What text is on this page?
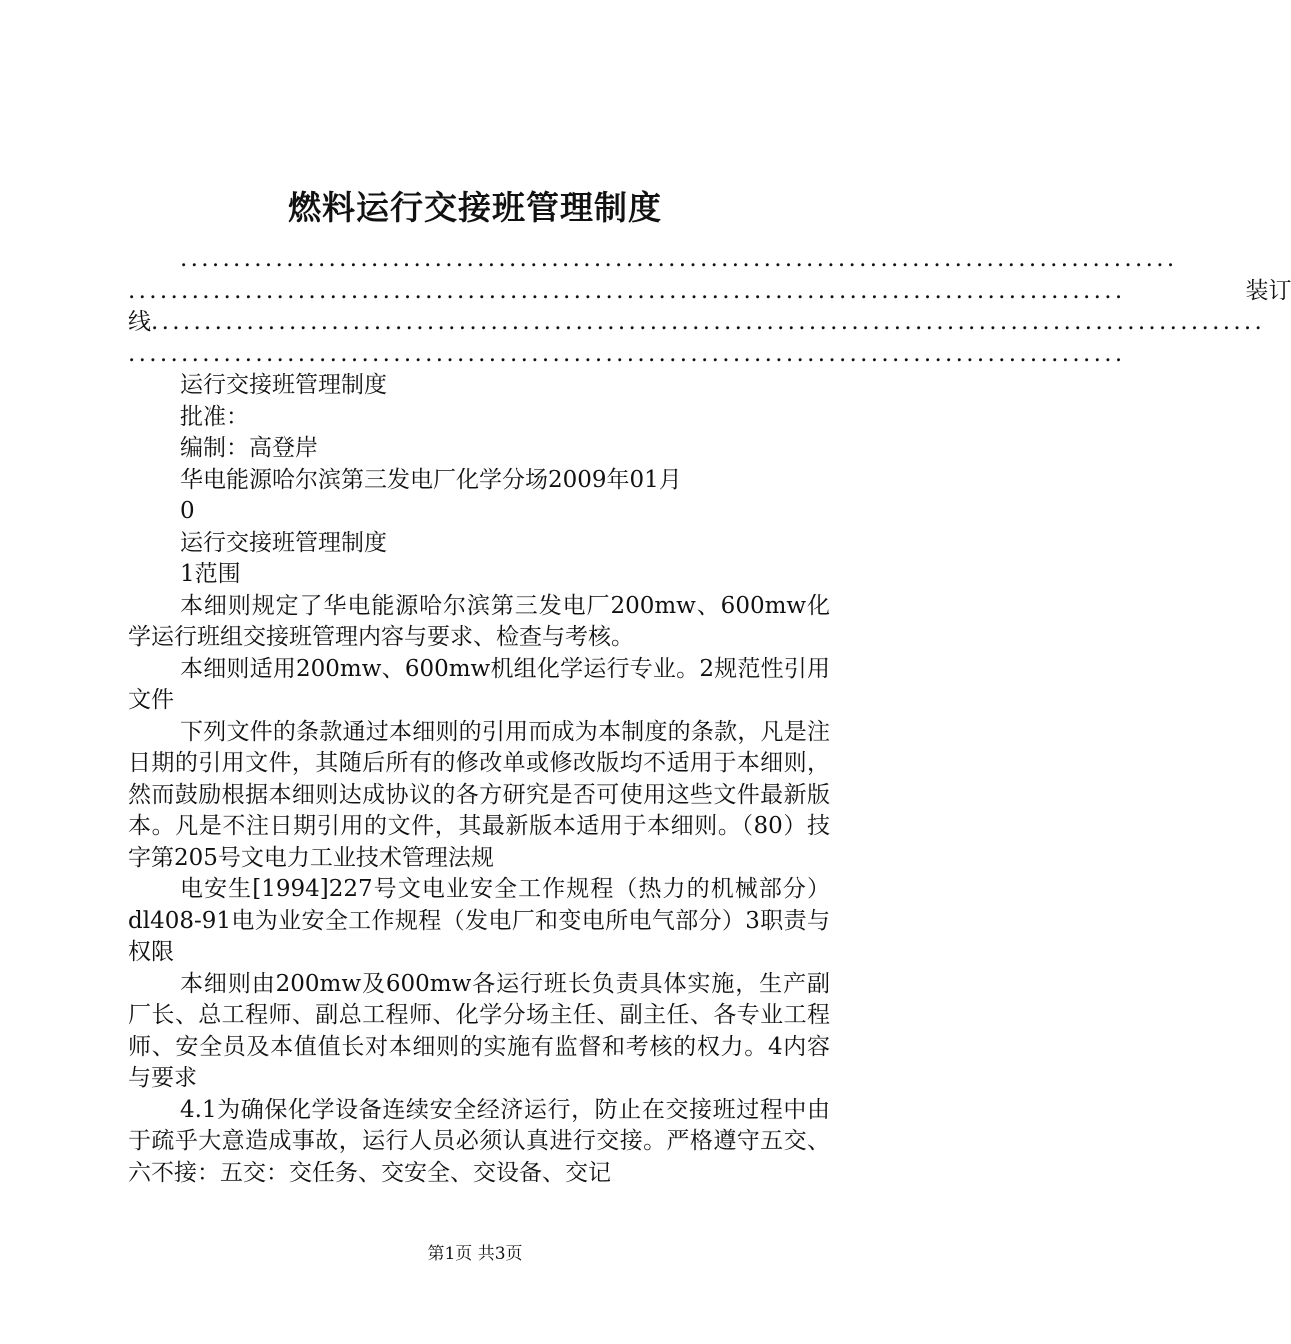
燃料运行交接班管理制度
..............................................................................................
..............................................................................................	装 订
线 .........................................................................................................
..............................................................................................

运行交接班管理制度

批准：

编制：高登岸

华电能源哈尔滨第三发电厂化学分场2009年01月

0

运行交接班管理制度

1范围

本细则规定了华电能源哈尔滨第三发电厂200mw、600mw化学运行班组交接班管理内容与要求、检查与考核。

本细则适用200mw、600mw机组化学运行专业。2规范性引用文件

下列文件的条款通过本细则的引用而成为本制度的条款，凡是注日期的引用文件，其随后所有的修改单或修改版均不适用于本细则，然而鼓励根据本细则达成协议的各方研究是否可使用这些文件最新版本。凡是不注日期引用的文件，其最新版本适用于本细则。（80）技字第205号文电力工业技术管理法规

电安生[1994]227号文电业安全工作规程（热力的机械部分）dl408-91电为业安全工作规程（发电厂和变电所电气部分）3职责与权限

本细则由200mw及600mw各运行班长负责具体实施，生产副厂长、总工程师、副总工程师、化学分场主任、副主任、各专业工程师、安全员及本值值长对本细则的实施有监督和考核的权力。4内容与要求

4.1为确保化学设备连续安全经济运行，防止在交接班过程中由于疏乎大意造成事故，运行人员必须认真进行交接。严格遵守五交、六不接：五交：交任务、交安全、交设备、交记

第1页 共3页
